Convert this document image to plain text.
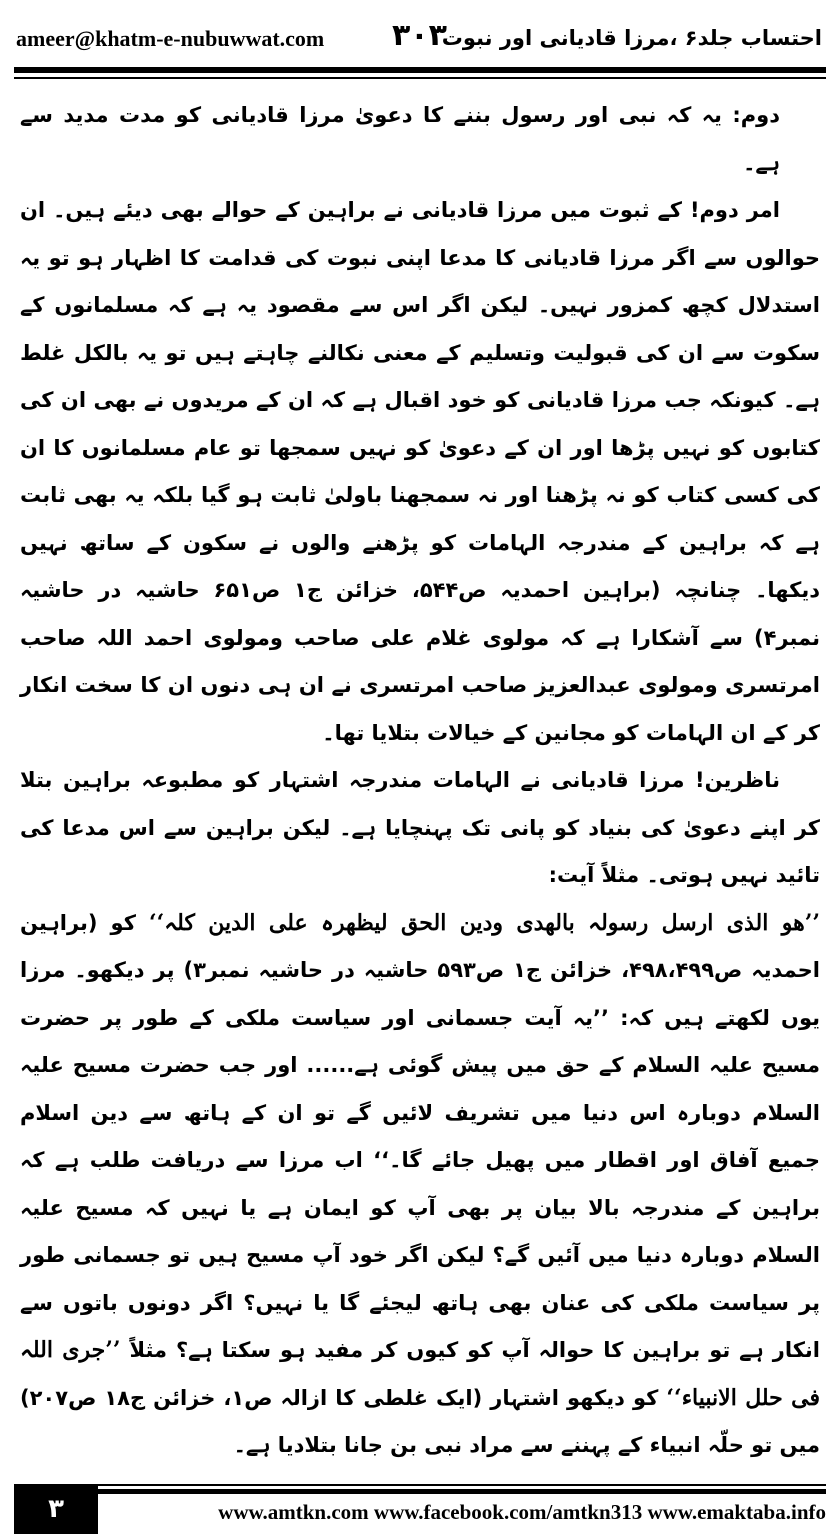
ameer@khatm-e-nubuwwat.com ۳۰۳
احتساب جلد۶ ،مرزا قادیانی اور نبوت

دوم: یہ کہ نبی اور رسول بننے کا دعویٰ مرزا قادیانی کو مدت مدید سے ہے۔

امر دوم! کے ثبوت میں مرزا قادیانی نے براہین کے حوالے بھی دیئے ہیں۔ ان حوالوں سے اگر مرزا قادیانی کا مدعا اپنی نبوت کی قدامت کا اظہار ہو تو یہ استدلال کچھ کمزور نہیں۔ لیکن اگر اس سے مقصود یہ ہے کہ مسلمانوں کے سکوت سے ان کی قبولیت وتسلیم کے معنی نکالنے چاہتے ہیں تو یہ بالکل غلط ہے۔ کیونکہ جب مرزا قادیانی کو خود اقبال ہے کہ ان کے مریدوں نے بھی ان کی کتابوں کو نہیں پڑھا اور ان کے دعویٰ کو نہیں سمجھا تو عام مسلمانوں کا ان کی کسی کتاب کو نہ پڑھنا اور نہ سمجھنا باولیٰ ثابت ہو گیا بلکہ یہ بھی ثابت ہے کہ براہین کے مندرجہ الہامات کو پڑھنے والوں نے سکون کے ساتھ نہیں دیکھا۔ چنانچہ (براہین احمدیہ ص۵۴۴، خزائن ج۱ ص۶۵۱ حاشیہ در حاشیہ نمبر۴) سے آشکارا ہے کہ مولوی غلام علی صاحب ومولوی احمد اللہ صاحب امرتسری ومولوی عبدالعزیز صاحب امرتسری نے ان ہی دنوں ان کا سخت انکار کر کے ان الہامات کو مجانین کے خیالات بتلایا تھا۔

ناظرین! مرزا قادیانی نے الہامات مندرجہ اشتہار کو مطبوعہ براہین بتلا کر اپنے دعویٰ کی بنیاد کو پانی تک پہنچایا ہے۔ لیکن براہین سے اس مدعا کی تائید نہیں ہوتی۔ مثلاً آیت:

’’ھو الذی ارسل رسولہ بالھدی ودین الحق لیظھرہ علی الدین کلہ‘‘ کو (براہین احمدیہ ص۴۹۸،۴۹۹، خزائن ج۱ ص۵۹۳ حاشیہ در حاشیہ نمبر۳) پر دیکھو۔ مرزا یوں لکھتے ہیں کہ: ’’یہ آیت جسمانی اور سیاست ملکی کے طور پر حضرت مسیح علیہ السلام کے حق میں پیش گوئی ہے...... اور جب حضرت مسیح علیہ السلام دوبارہ اس دنیا میں تشریف لائیں گے تو ان کے ہاتھ سے دین اسلام جمیع آفاق اور اقطار میں پھیل جائے گا۔‘‘ اب مرزا سے دریافت طلب ہے کہ براہین کے مندرجہ بالا بیان پر بھی آپ کو ایمان ہے یا نہیں کہ مسیح علیہ السلام دوبارہ دنیا میں آئیں گے؟ لیکن اگر خود آپ مسیح ہیں تو جسمانی طور پر سیاست ملکی کی عنان بھی ہاتھ لیجئے گا یا نہیں؟ اگر دونوں باتوں سے انکار ہے تو براہین کا حوالہ آپ کو کیوں کر مفید ہو سکتا ہے؟ مثلاً ’’جری اللہ فی حلل الانبیاء‘‘ کو دیکھو اشتہار (ایک غلطی کا ازالہ ص۱، خزائن ج۱۸ ص۲۰۷) میں تو حلّہ انبیاء کے پہننے سے مراد نبی بن جانا بتلادیا ہے۔

۳	www.amtkn.com www.facebook.com/amtkn313 www.emaktaba.info
